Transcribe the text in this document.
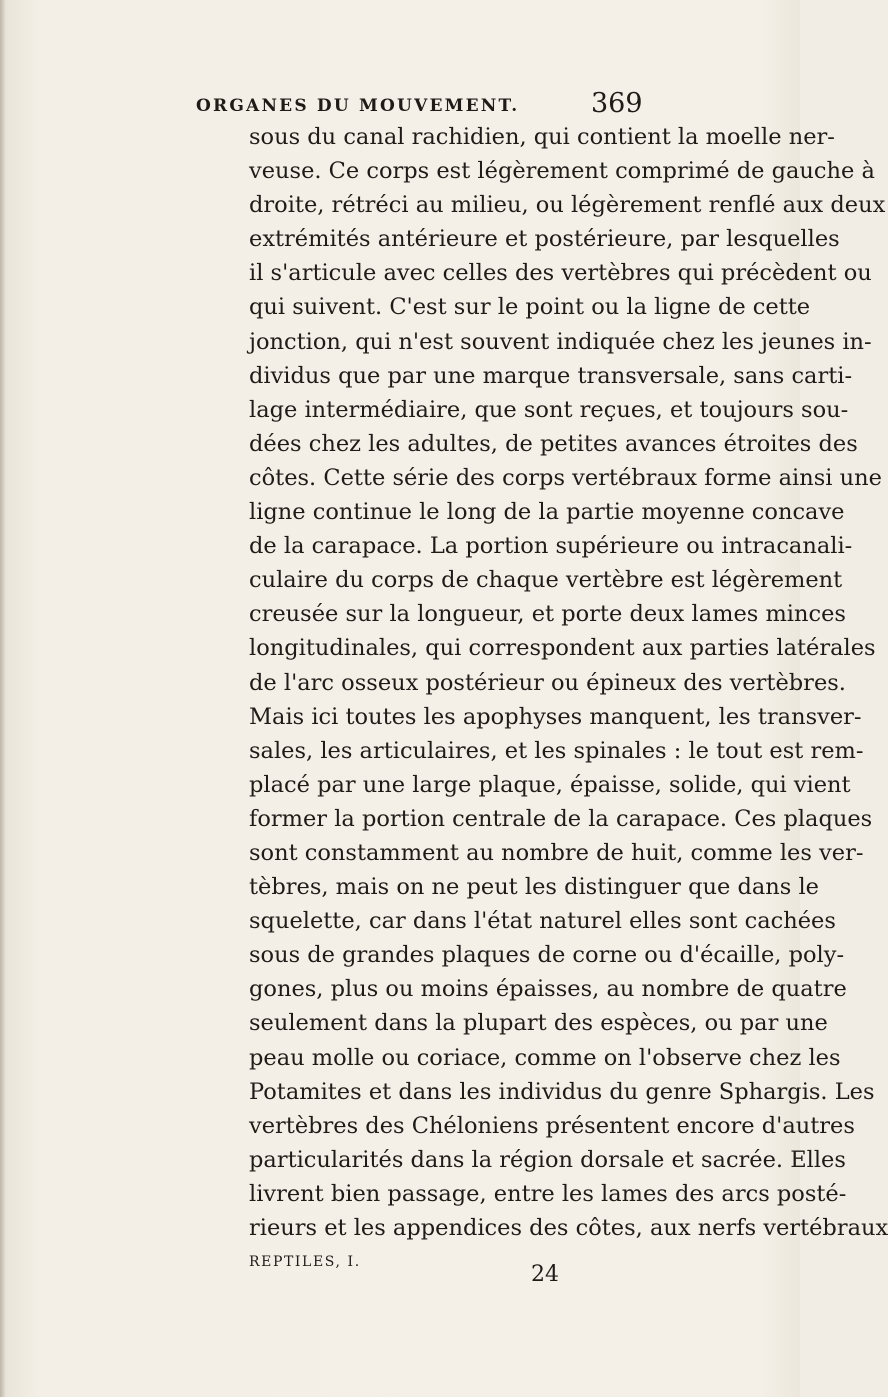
ORGANES DU MOUVEMENT.	369
sous du canal rachidien, qui contient la moelle ner-
veuse. Ce corps est légèrement comprimé de gauche à
droite, rétréci au milieu, ou légèrement renflé aux deux
extrémités antérieure et postérieure, par lesquelles
il s'articule avec celles des vertèbres qui précèdent ou
qui suivent. C'est sur le point ou la ligne de cette
jonction, qui n'est souvent indiquée chez les jeunes in-
dividus que par une marque transversale, sans carti-
lage intermédiaire, que sont reçues, et toujours sou-
dées chez les adultes, de petites avances étroites des
côtes. Cette série des corps vertébraux forme ainsi une
ligne continue le long de la partie moyenne concave
de la carapace. La portion supérieure ou intracanali-
culaire du corps de chaque vertèbre est légèrement
creusée sur la longueur, et porte deux lames minces
longitudinales, qui correspondent aux parties latérales
de l'arc osseux postérieur ou épineux des vertèbres.
Mais ici toutes les apophyses manquent, les transver-
sales, les articulaires, et les spinales : le tout est rem-
placé par une large plaque, épaisse, solide, qui vient
former la portion centrale de la carapace. Ces plaques
sont constamment au nombre de huit, comme les ver-
tèbres, mais on ne peut les distinguer que dans le
squelette, car dans l'état naturel elles sont cachées
sous de grandes plaques de corne ou d'écaille, poly-
gones, plus ou moins épaisses, au nombre de quatre
seulement dans la plupart des espèces, ou par une
peau molle ou coriace, comme on l'observe chez les
Potamites et dans les individus du genre Sphargis. Les
vertèbres des Chéloniens présentent encore d'autres
particularités dans la région dorsale et sacrée. Elles
livrent bien passage, entre les lames des arcs posté-
rieurs et les appendices des côtes, aux nerfs vertébraux
REPTILES, I.	24
